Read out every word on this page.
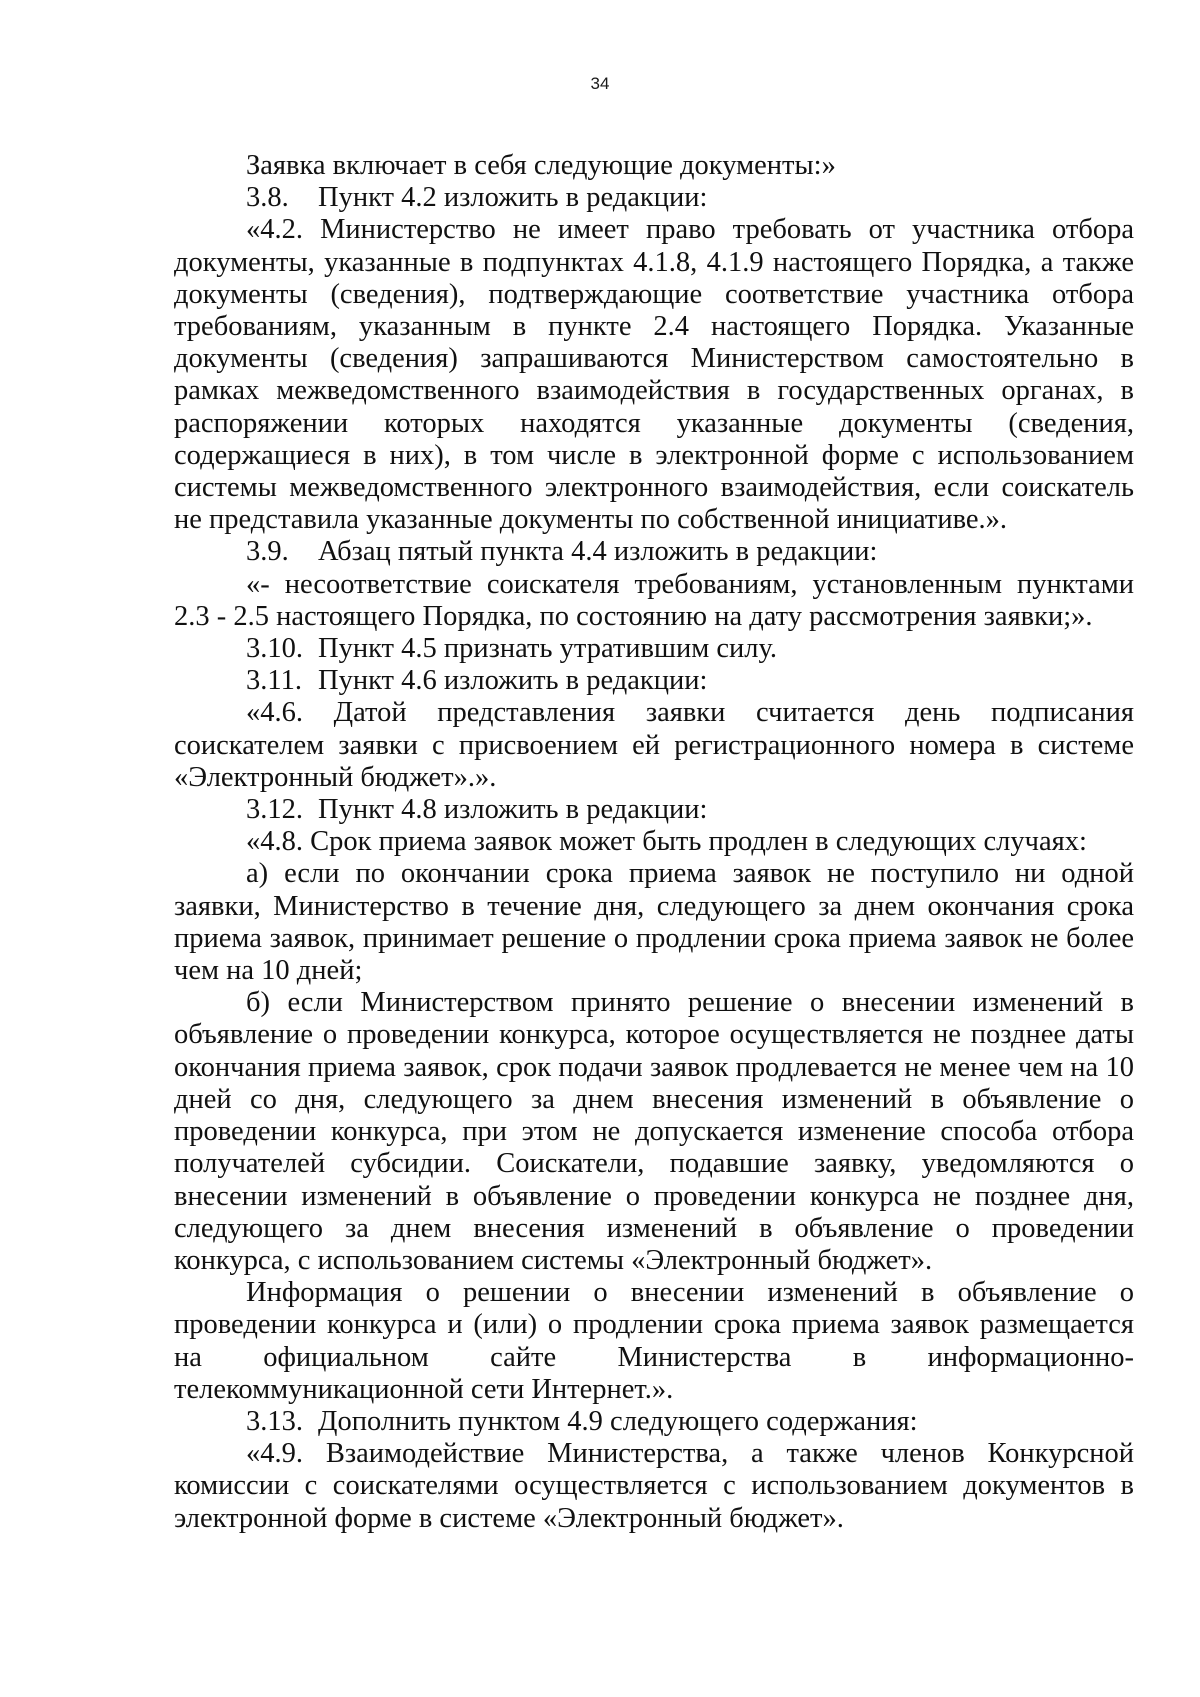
34

Заявка включает в себя следующие документы:»

3.8. Пункт 4.2 изложить в редакции:

«4.2. Министерство не имеет право требовать от участника отбора документы, указанные в подпунктах 4.1.8, 4.1.9 настоящего Порядка, а также документы (сведения), подтверждающие соответствие участника отбора требованиям, указанным в пункте 2.4 настоящего Порядка. Указанные документы (сведения) запрашиваются Министерством самостоятельно в рамках межведомственного взаимодействия в государственных органах, в распоряжении которых находятся указанные документы (сведения, содержащиеся в них), в том числе в электронной форме с использованием системы межведомственного электронного взаимодействия, если соискатель не представила указанные документы по собственной инициативе.».

3.9. Абзац пятый пункта 4.4 изложить в редакции:

«- несоответствие соискателя требованиям, установленным пунктами 2.3 - 2.5 настоящего Порядка, по состоянию на дату рассмотрения заявки;».

3.10. Пункт 4.5 признать утратившим силу.

3.11. Пункт 4.6 изложить в редакции:

«4.6. Датой представления заявки считается день подписания соискателем заявки с присвоением ей регистрационного номера в системе «Электронный бюджет».».

3.12. Пункт 4.8 изложить в редакции:

«4.8. Срок приема заявок может быть продлен в следующих случаях:

а) если по окончании срока приема заявок не поступило ни одной заявки, Министерство в течение дня, следующего за днем окончания срока приема заявок, принимает решение о продлении срока приема заявок не более чем на 10 дней;

б) если Министерством принято решение о внесении изменений в объявление о проведении конкурса, которое осуществляется не позднее даты окончания приема заявок, срок подачи заявок продлевается не менее чем на 10 дней со дня, следующего за днем внесения изменений в объявление о проведении конкурса, при этом не допускается изменение способа отбора получателей субсидии. Соискатели, подавшие заявку, уведомляются о внесении изменений в объявление о проведении конкурса не позднее дня, следующего за днем внесения изменений в объявление о проведении конкурса, с использованием системы «Электронный бюджет».

Информация о решении о внесении изменений в объявление о проведении конкурса и (или) о продлении срока приема заявок размещается на официальном сайте Министерства в информационно-телекоммуникационной сети Интернет.».

3.13. Дополнить пунктом 4.9 следующего содержания:

«4.9. Взаимодействие Министерства, а также членов Конкурсной комиссии с соискателями осуществляется с использованием документов в электронной форме в системе «Электронный бюджет».
